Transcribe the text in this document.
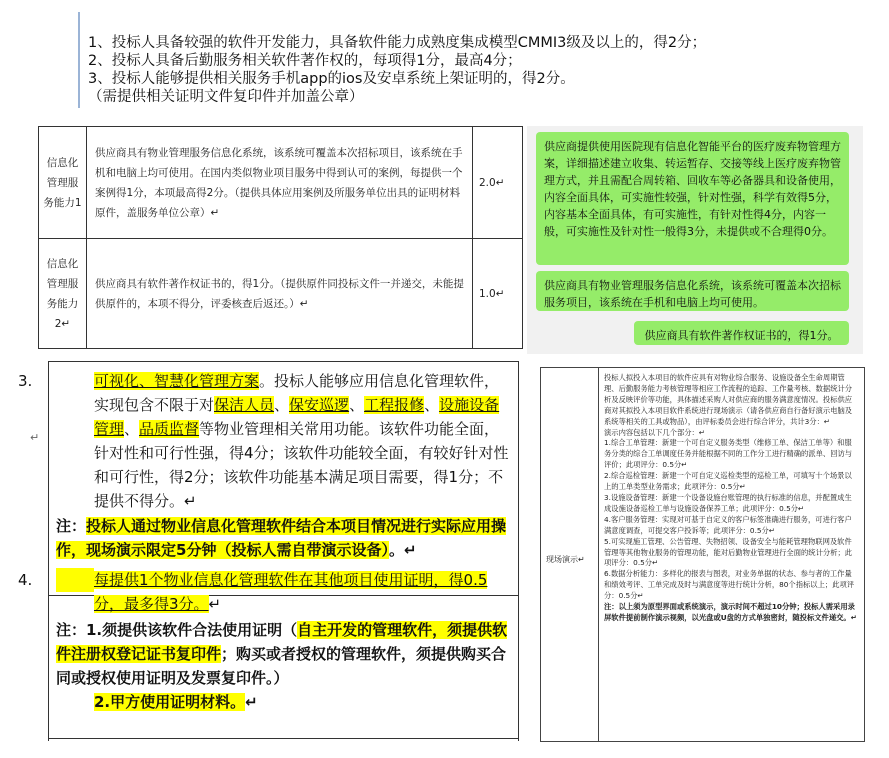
1、投标人具备较强的软件开发能力，具备软件能力成熟度集成模型CMMI3级及以上的，得2分；
2、投标人具备后勤服务相关软件著作权的，每项得1分，最高4分；
3、投标人能够提供相关服务手机app的ios及安卓系统上架证明的，得2分。
（需提供相关证明文件复印件并加盖公章）
信息化管理服务能力1	供应商具有物业管理服务信息化系统，该系统可覆盖本次招标项目，该系统在手机和电脑上均可使用。在国内类似物业项目服务中得到认可的案例，每提供一个案例得1分，本项最高得2分。（提供具体应用案例及所服务单位出具的证明材料原件，盖服务单位公章）↵	2.0↵
信息化管理服务能力2↵	供应商具有软件著作权证书的，得1分。（提供原件同投标文件一并递交，未能提供原件的，本项不得分，评委核查后返还。）↵	1.0↵
供应商提供使用医院现有信息化智能平台的医疗废弃物管理方案，详细描述建立收集、转运暂存、交接等线上医疗废弃物管理方式，并且需配合周转箱、回收车等必备器具和设备使用，内容全面具体，可实施性较强，针对性强，科学有效得5分，内容基本全面具体，有可实施性，有针对性得4分，内容一般，可实施性及针对性一般得3分，未提供或不合理得0分。
供应商具有物业管理服务信息化系统，该系统可覆盖本次招标服务项目，该系统在手机和电脑上均可使用。
供应商具有软件著作权证书的，得1分。
↵
3.	可视化、智慧化管理方案。投标人能够应用信息化管理软件，实现包含不限于对保洁人员、保安巡逻、工程报修、设施设备管理、品质监督等物业管理相关常用功能。该软件功能全面，针对性和可行性强，得4分；该软件功能较全面，有较好针对性和可行性，得2分；该软件功能基本满足项目需要，得1分；不提供不得分。↵
注：投标人通过物业信息化管理软件结合本项目情况进行实际应用操作，现场演示限定5分钟（投标人需自带演示设备）。↵
4.	每提供1个物业信息化管理软件在其他项目使用证明，得0.5分，最多得3分。↵
注：1.须提供该软件合法使用证明（自主开发的管理软件，须提供软件注册权登记证书复印件；购买或者授权的管理软件，须提供购买合同或授权使用证明及发票复印件。）
2.甲方使用证明材料。↵
现场演示↵
投标人拟投入本项目的软件应具有对物业综合服务、设施设备全生命周期管理、后勤服务能力考核管理等相应工作流程的追踪、工作量考核、数据统计分析及反映评价等功能，具体描述采购人对供应商的服务满意度情况。投标供应商对其拟投入本项目软件系统进行现场演示（请各供应商自行备好演示电脑及系统等相关的工具或物品），由评标委员会进行综合评分，共计3分：↵
演示内容包括以下几个部分：↵
1.综合工单管理：新建一个可自定义服务类型（维修工单、保洁工单等）和服务分类的综合工单调度任务并能根据不同的工作分工进行精确的派单、回访与评价；此项评分：0.5分↵
2.综合巡检管理：新建一个可自定义巡检类型的巡检工单，可填写十个场景以上的工单类型业务需求；此项评分：0.5分↵
3.设施设备管理：新建一个设备设施台账管理的执行标准的信息，并配置成生成设施设备巡检工单与设施设备保养工单；此项评分：0.5分↵
4.客户服务管理：实现对可基于自定义的客户标签准确进行服务，可进行客户满意度调查，可提交客户投诉等；此项评分：0.5分↵
5.可实现施工管理、公告管理、失物招领、设备安全与能耗管理物联网及软件管理等其他物业服务的管理功能，能对后勤物业管理进行全面的统计分析；此项评分：0.5分↵
6.数据分析能力：多样化的报表与图表，对业务单据的状态、参与者的工作量和绩效考评、工单完成及时与满意度等进行统计分析，80个指标以上；此项评分：0.5分↵
注：以上须为原型界面或系统演示，演示时间不超过10分钟；投标人需采用录屏软件提前制作演示视频，以光盘或U盘的方式单独密封，随投标文件递交。↵
